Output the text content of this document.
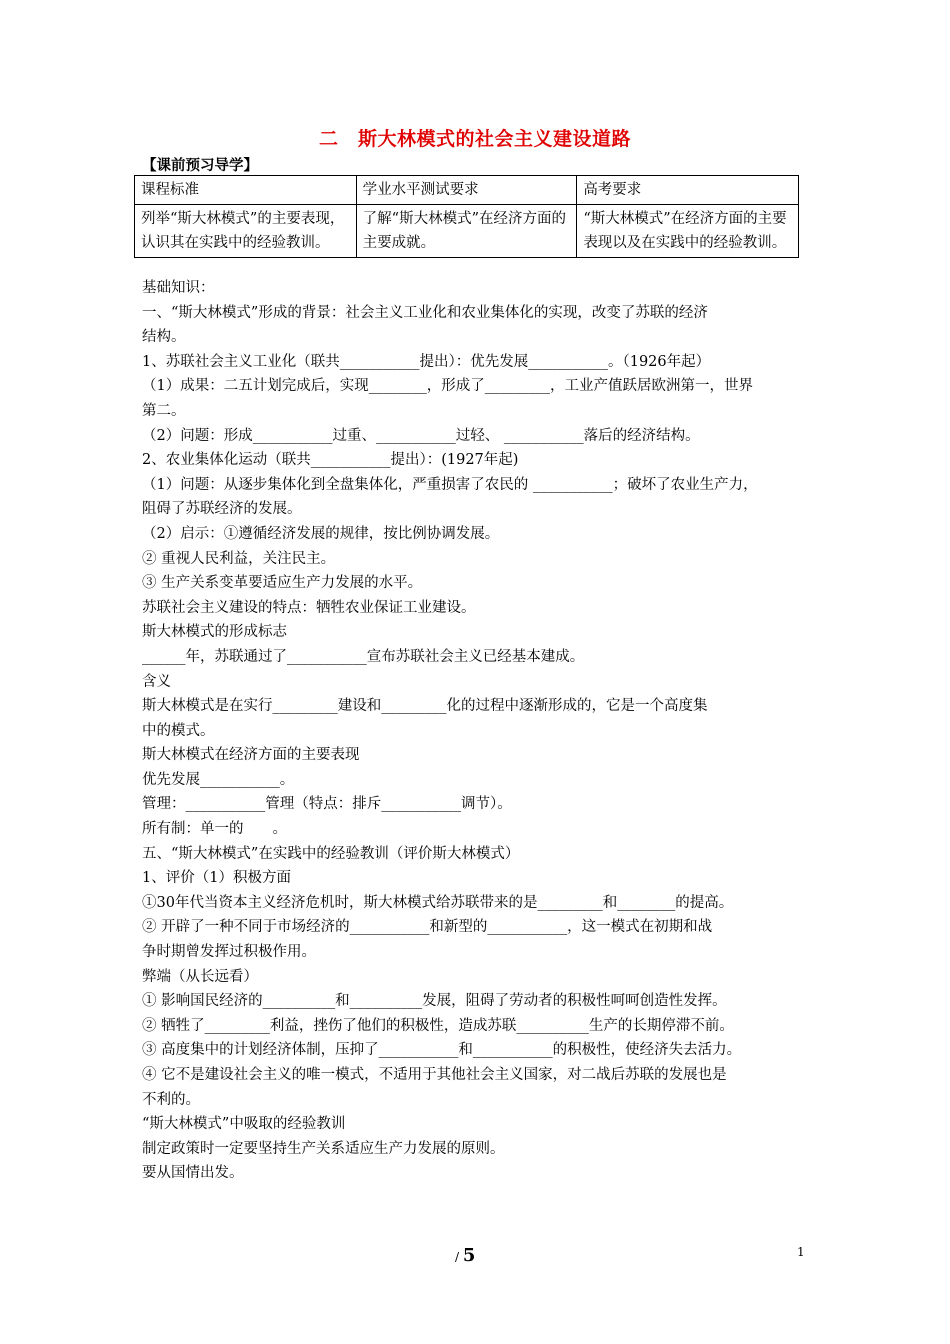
二　斯大林模式的社会主义建设道路
【课前预习导学】
课程标准	学业水平测试要求	高考要求
列举“斯大林模式”的主要表现，认识其在实践中的经验教训。	了解“斯大林模式”在经济方面的主要成就。	“斯大林模式”在经济方面的主要表现以及在实践中的经验教训。
基础知识：
一、“斯大林模式”形成的背景：社会主义工业化和农业集体化的实现，改变了苏联的经济
结构。
1、苏联社会主义工业化（联共___________提出）：优先发展___________。（1926年起）
（1）成果：二五计划完成后，实现________，形成了_________，工业产值跃居欧洲第一，世界
第二。
（2）问题：形成___________过重、___________过轻、 ___________落后的经济结构。
2、农业集体化运动（联共___________提出）：(1927年起)
（1）问题：从逐步集体化到全盘集体化，严重损害了农民的 ___________；破坏了农业生产力，
阻碍了苏联经济的发展。
（2）启示：①遵循经济发展的规律，按比例协调发展。
② 重视人民利益，关注民主。
③ 生产关系变革要适应生产力发展的水平。
苏联社会主义建设的特点：牺牲农业保证工业建设。
斯大林模式的形成标志
______年，苏联通过了___________宣布苏联社会主义已经基本建成。
含义
斯大林模式是在实行_________建设和_________化的过程中逐渐形成的，它是一个高度集
中的模式。
斯大林模式在经济方面的主要表现
优先发展___________。
管理：___________管理（特点：排斥___________调节）。
所有制：单一的　　。
五、“斯大林模式”在实践中的经验教训（评价斯大林模式）
1、评价（1）积极方面
①30年代当资本主义经济危机时，斯大林模式给苏联带来的是_________和________的提高。
② 开辟了一种不同于市场经济的___________和新型的___________，这一模式在初期和战
争时期曾发挥过积极作用。
弊端（从长远看）
① 影响国民经济的__________和__________发展，阻碍了劳动者的积极性呵呵创造性发挥。
② 牺牲了_________利益，挫伤了他们的积极性，造成苏联__________生产的长期停滞不前。
③ 高度集中的计划经济体制，压抑了___________和___________的积极性，使经济失去活力。
④ 它不是建设社会主义的唯一模式，不适用于其他社会主义国家，对二战后苏联的发展也是
不利的。
“斯大林模式”中吸取的经验教训
制定政策时一定要坚持生产关系适应生产力发展的原则。
要从国情出发。
/ 5	1
